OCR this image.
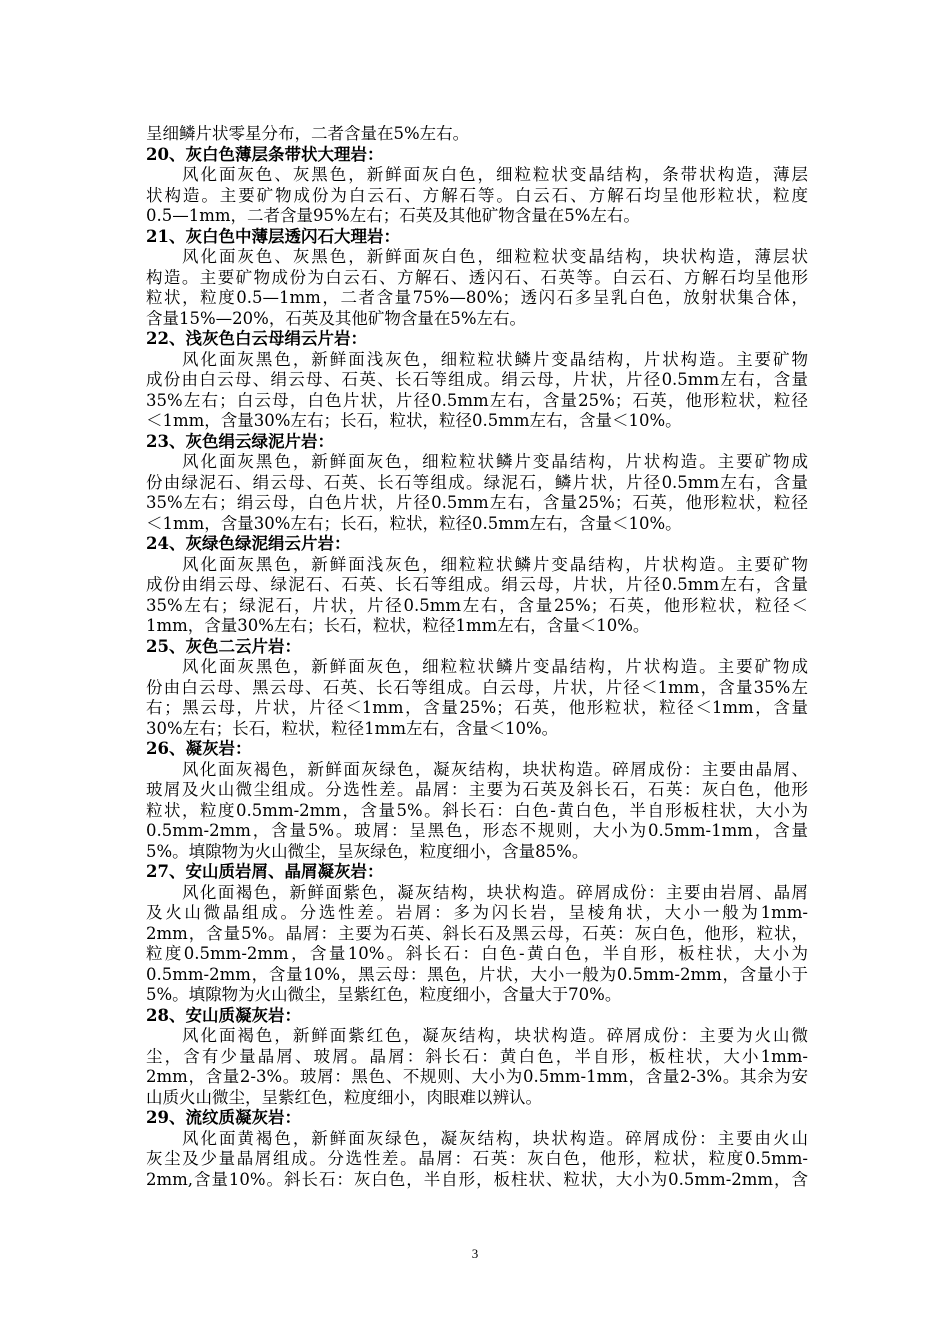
呈细鳞片状零星分布，二者含量在5%左右。
20、灰白色薄层条带状大理岩：
风化面灰色、灰黑色，新鲜面灰白色，细粒粒状变晶结构，条带状构造，薄层
状构造。主要矿物成份为白云石、方解石等。白云石、方解石均呈他形粒状，粒度
0.5—1mm，二者含量95%左右；石英及其他矿物含量在5%左右。
21、灰白色中薄层透闪石大理岩：
风化面灰色、灰黑色，新鲜面灰白色，细粒粒状变晶结构，块状构造，薄层状
构造。主要矿物成份为白云石、方解石、透闪石、石英等。白云石、方解石均呈他形
粒状，粒度0.5—1mm，二者含量75%—80%；透闪石多呈乳白色，放射状集合体，
含量15%—20%，石英及其他矿物含量在5%左右。
22、浅灰色白云母绢云片岩：
风化面灰黑色，新鲜面浅灰色，细粒粒状鳞片变晶结构，片状构造。主要矿物
成份由白云母、绢云母、石英、长石等组成。绢云母，片状，片径0.5mm左右，含量
35%左右；白云母，白色片状，片径0.5mm左右，含量25%；石英，他形粒状，粒径
＜1mm，含量30%左右；长石，粒状，粒径0.5mm左右，含量＜10%。
23、灰色绢云绿泥片岩：
风化面灰黑色，新鲜面灰色，细粒粒状鳞片变晶结构，片状构造。主要矿物成
份由绿泥石、绢云母、石英、长石等组成。绿泥石，鳞片状，片径0.5mm左右，含量
35%左右；绢云母，白色片状，片径0.5mm左右，含量25%；石英，他形粒状，粒径
＜1mm，含量30%左右；长石，粒状，粒径0.5mm左右，含量＜10%。
24、灰绿色绿泥绢云片岩：
风化面灰黑色，新鲜面浅灰色，细粒粒状鳞片变晶结构，片状构造。主要矿物
成份由绢云母、绿泥石、石英、长石等组成。绢云母，片状，片径0.5mm左右，含量
35%左右；绿泥石，片状，片径0.5mm左右，含量25%；石英，他形粒状，粒径＜
1mm，含量30%左右；长石，粒状，粒径1mm左右，含量＜10%。
25、灰色二云片岩：
风化面灰黑色，新鲜面灰色，细粒粒状鳞片变晶结构，片状构造。主要矿物成
份由白云母、黑云母、石英、长石等组成。白云母，片状，片径＜1mm，含量35%左
右；黑云母，片状，片径＜1mm，含量25%；石英，他形粒状，粒径＜1mm，含量
30%左右；长石，粒状，粒径1mm左右，含量＜10%。
26、凝灰岩：
风化面灰褐色，新鲜面灰绿色，凝灰结构，块状构造。碎屑成份：主要由晶屑、
玻屑及火山微尘组成。分选性差。晶屑：主要为石英及斜长石，石英：灰白色，他形
粒状，粒度0.5mm-2mm，含量5%。斜长石：白色-黄白色，半自形板柱状，大小为
0.5mm-2mm，含量5%。玻屑：呈黑色，形态不规则，大小为0.5mm-1mm，含量
5%。填隙物为火山微尘，呈灰绿色，粒度细小，含量85%。
27、安山质岩屑、晶屑凝灰岩：
风化面褐色，新鲜面紫色，凝灰结构，块状构造。碎屑成份：主要由岩屑、晶屑
及火山微晶组成。分选性差。岩屑：多为闪长岩，呈棱角状，大小一般为1mm-
2mm，含量5%。晶屑：主要为石英、斜长石及黑云母，石英：灰白色，他形，粒状，
粒度0.5mm-2mm，含量10%。斜长石：白色-黄白色，半自形，板柱状，大小为
0.5mm-2mm，含量10%，黑云母：黑色，片状，大小一般为0.5mm-2mm，含量小于
5%。填隙物为火山微尘，呈紫红色，粒度细小，含量大于70%。
28、安山质凝灰岩：
风化面褐色，新鲜面紫红色，凝灰结构，块状构造。碎屑成份：主要为火山微
尘，含有少量晶屑、玻屑。晶屑：斜长石：黄白色，半自形，板柱状，大小1mm-
2mm，含量2-3%。玻屑：黑色、不规则、大小为0.5mm-1mm，含量2-3%。其余为安
山质火山微尘，呈紫红色，粒度细小，肉眼难以辨认。
29、流纹质凝灰岩：
风化面黄褐色，新鲜面灰绿色，凝灰结构，块状构造。碎屑成份：主要由火山
灰尘及少量晶屑组成。分选性差。晶屑：石英：灰白色，他形，粒状，粒度0.5mm-
2mm,含量10%。斜长石：灰白色，半自形，板柱状、粒状，大小为0.5mm-2mm，含
3
